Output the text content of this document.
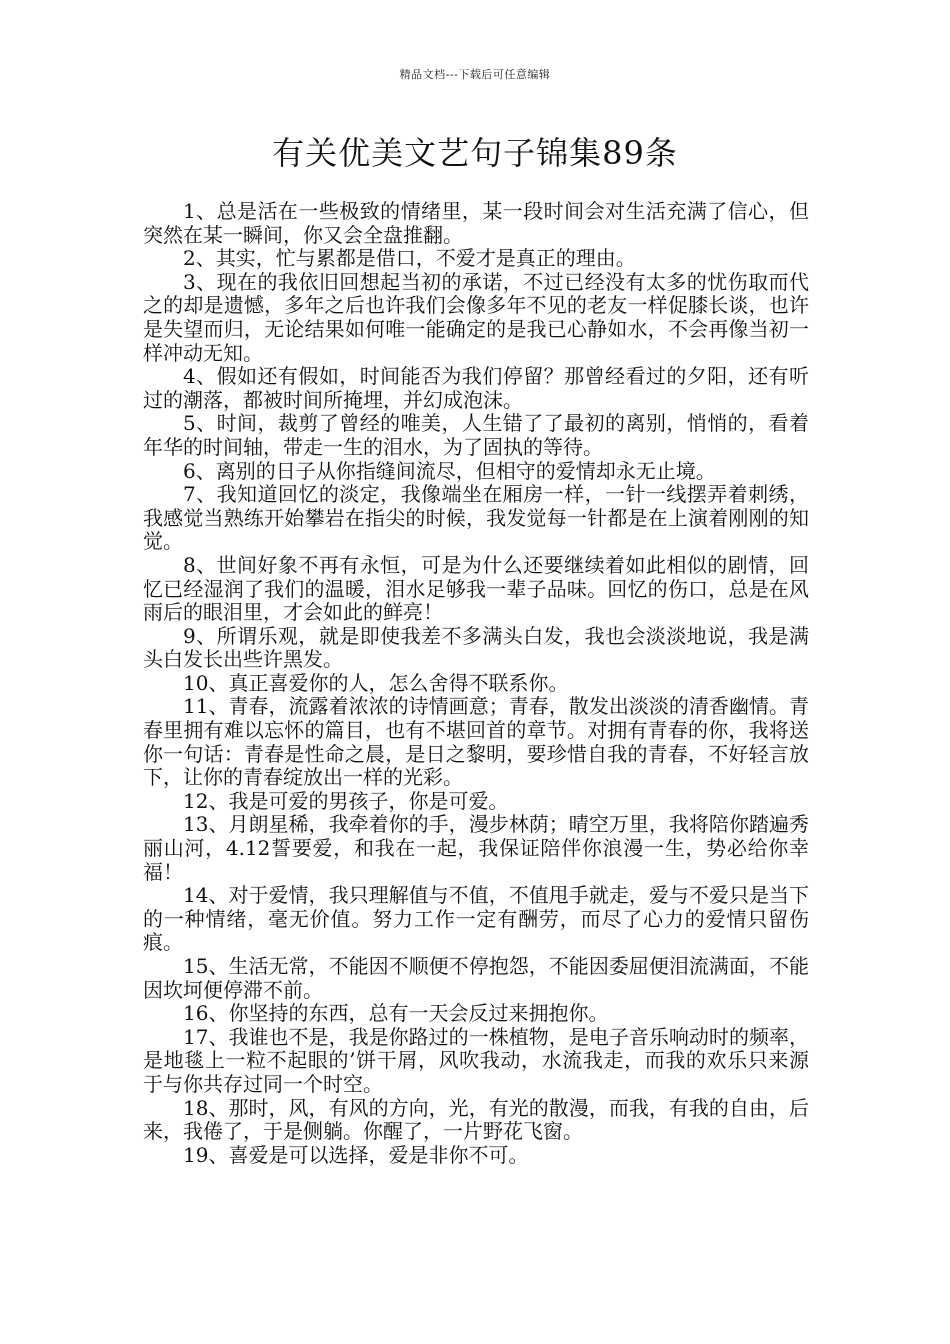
精品文档---下载后可任意编辑
有关优美文艺句子锦集89条

1、总是活在一些极致的情绪里，某一段时间会对生活充满了信心，但突然在某一瞬间，你又会全盘推翻。

2、其实，忙与累都是借口，不爱才是真正的理由。

3、现在的我依旧回想起当初的承诺，不过已经没有太多的忧伤取而代之的却是遗憾，多年之后也许我们会像多年不见的老友一样促膝长谈，也许是失望而归，无论结果如何唯一能确定的是我已心静如水，不会再像当初一样冲动无知。

4、假如还有假如，时间能否为我们停留？那曾经看过的夕阳，还有听过的潮落，都被时间所掩埋，并幻成泡沫。

5、时间，裁剪了曾经的唯美，人生错了了最初的离别，悄悄的，看着年华的时间轴，带走一生的泪水，为了固执的等待。

6、离别的日子从你指缝间流尽，但相守的爱情却永无止境。

7、我知道回忆的淡定，我像端坐在厢房一样，一针一线摆弄着刺绣，我感觉当熟练开始攀岩在指尖的时候，我发觉每一针都是在上演着刚刚的知觉。

8、世间好象不再有永恒，可是为什么还要继续着如此相似的剧情，回忆已经湿润了我们的温暖，泪水足够我一辈子品味。回忆的伤口，总是在风雨后的眼泪里，才会如此的鲜亮！

9、所谓乐观，就是即使我差不多满头白发，我也会淡淡地说，我是满头白发长出些许黑发。

10、真正喜爱你的人，怎么舍得不联系你。

11、青春，流露着浓浓的诗情画意；青春，散发出淡淡的清香幽情。青春里拥有难以忘怀的篇目，也有不堪回首的章节。对拥有青春的你，我将送你一句话：青春是性命之晨，是日之黎明，要珍惜自我的青春，不好轻言放下，让你的青春绽放出一样的光彩。

12、我是可爱的男孩子，你是可爱。

13、月朗星稀，我牵着你的手，漫步林荫；晴空万里，我将陪你踏遍秀丽山河，4.12誓要爱，和我在一起，我保证陪伴你浪漫一生，势必给你幸福！

14、对于爱情，我只理解值与不值，不值甩手就走，爱与不爱只是当下的一种情绪，毫无价值。努力工作一定有酬劳，而尽了心力的爱情只留伤痕。

15、生活无常，不能因不顺便不停抱怨，不能因委屈便泪流满面，不能因坎坷便停滞不前。

16、你坚持的东西，总有一天会反过来拥抱你。

17、我谁也不是，我是你路过的一株植物，是电子音乐响动时的频率，是地毯上一粒不起眼的’饼干屑，风吹我动，水流我走，而我的欢乐只来源于与你共存过同一个时空。

18、那时，风，有风的方向，光，有光的散漫，而我，有我的自由，后来，我倦了，于是侧躺。你醒了，一片野花飞窗。

19、喜爱是可以选择，爱是非你不可。
